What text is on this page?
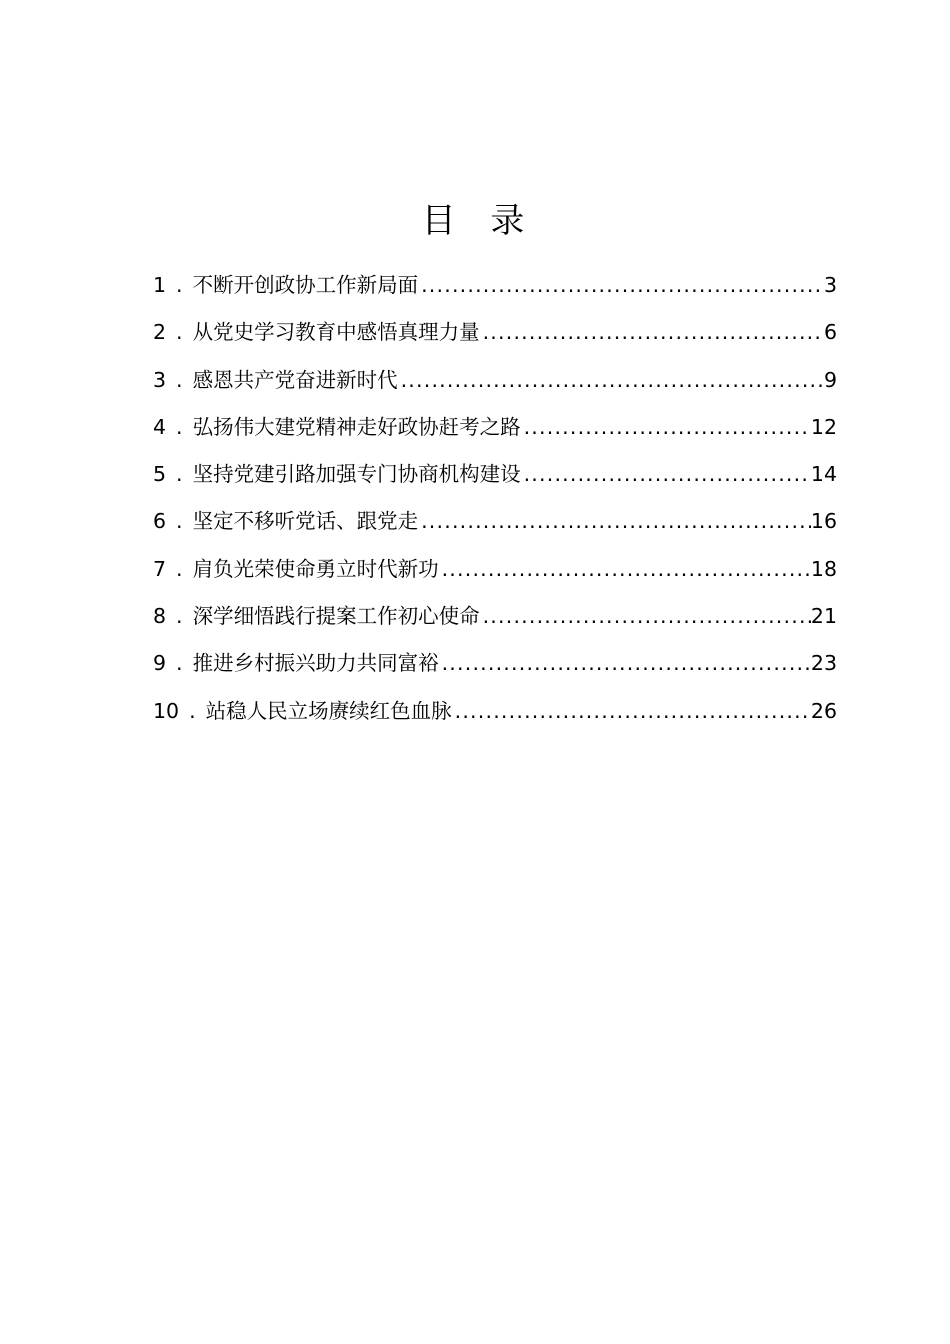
目 录
1 . 不断开创政协工作新局面 .....	3
2 . 从党史学习教育中感悟真理力量 .....	6
3 . 感恩共产党奋进新时代 .....	9
4 . 弘扬伟大建党精神走好政协赶考之路 .....	12
5 . 坚持党建引路加强专门协商机构建设 .....	14
6 . 坚定不移听党话、跟党走 .....	16
7 . 肩负光荣使命勇立时代新功 .....	18
8 . 深学细悟践行提案工作初心使命 .....	21
9 . 推进乡村振兴助力共同富裕 .....	23
10 . 站稳人民立场赓续红色血脉 .....	26
